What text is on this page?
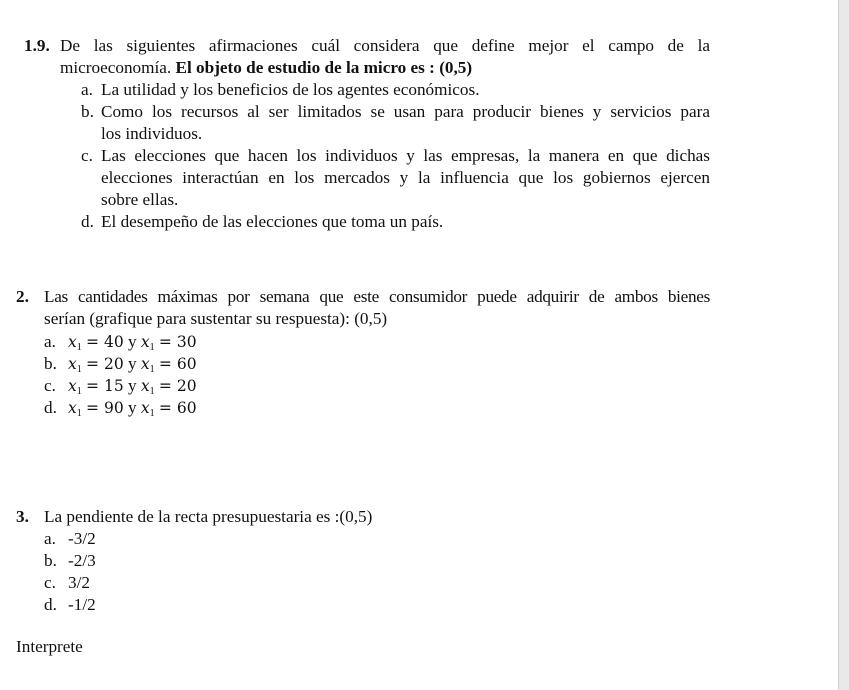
1.9. De las siguientes afirmaciones cuál considera que define mejor el campo de la
microeconomía. El objeto de estudio de la micro es : (0,5)
a. La utilidad y los beneficios de los agentes económicos.
b. Como los recursos al ser limitados se usan para producir bienes y servicios para
los individuos.
c. Las elecciones que hacen los individuos y las empresas, la manera en que dichas
elecciones interactúan en los mercados y la influencia que los gobiernos ejercen
sobre ellas.
d. El desempeño de las elecciones que toma un país.
2. Las cantidades máximas por semana que este consumidor puede adquirir de ambos bienes
serían (grafique para sustentar su respuesta): (0,5)
a. $x_1 = 40$ y $x_1 = 30$
b. $x_1 = 20$ y $x_1 = 60$
c. $x_1 = 15$ y $x_1 = 20$
d. $x_1 = 90$ y $x_1 = 60$
3. La pendiente de la recta presupuestaria es :(0,5)
a. -3/2
b. -2/3
c. 3/2
d. -1/2
Interprete
